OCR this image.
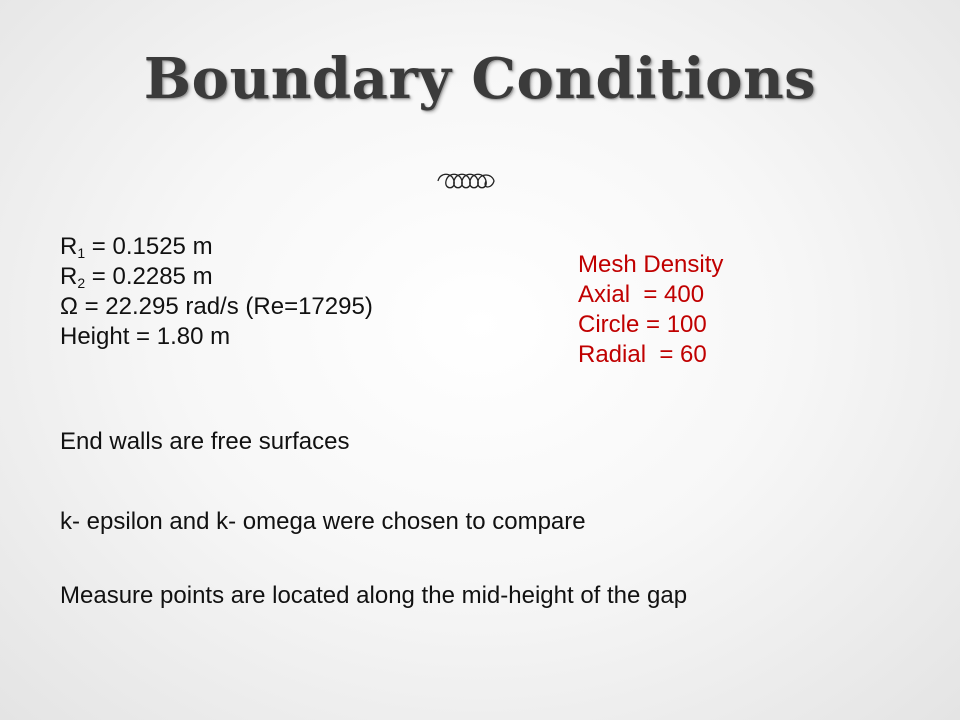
Boundary Conditions
$R_1 = 0.1525$ m
$R_2 = 0.2285$ m
Ω = 22.295 rad/s (Re=17295)
Height = 1.80 m
End walls are free surfaces
k- epsilon and k- omega were chosen to compare
Measure points are located along the mid-height of the gap
Mesh Density
Axial  = 400
Circle = 100
Radial  = 60
